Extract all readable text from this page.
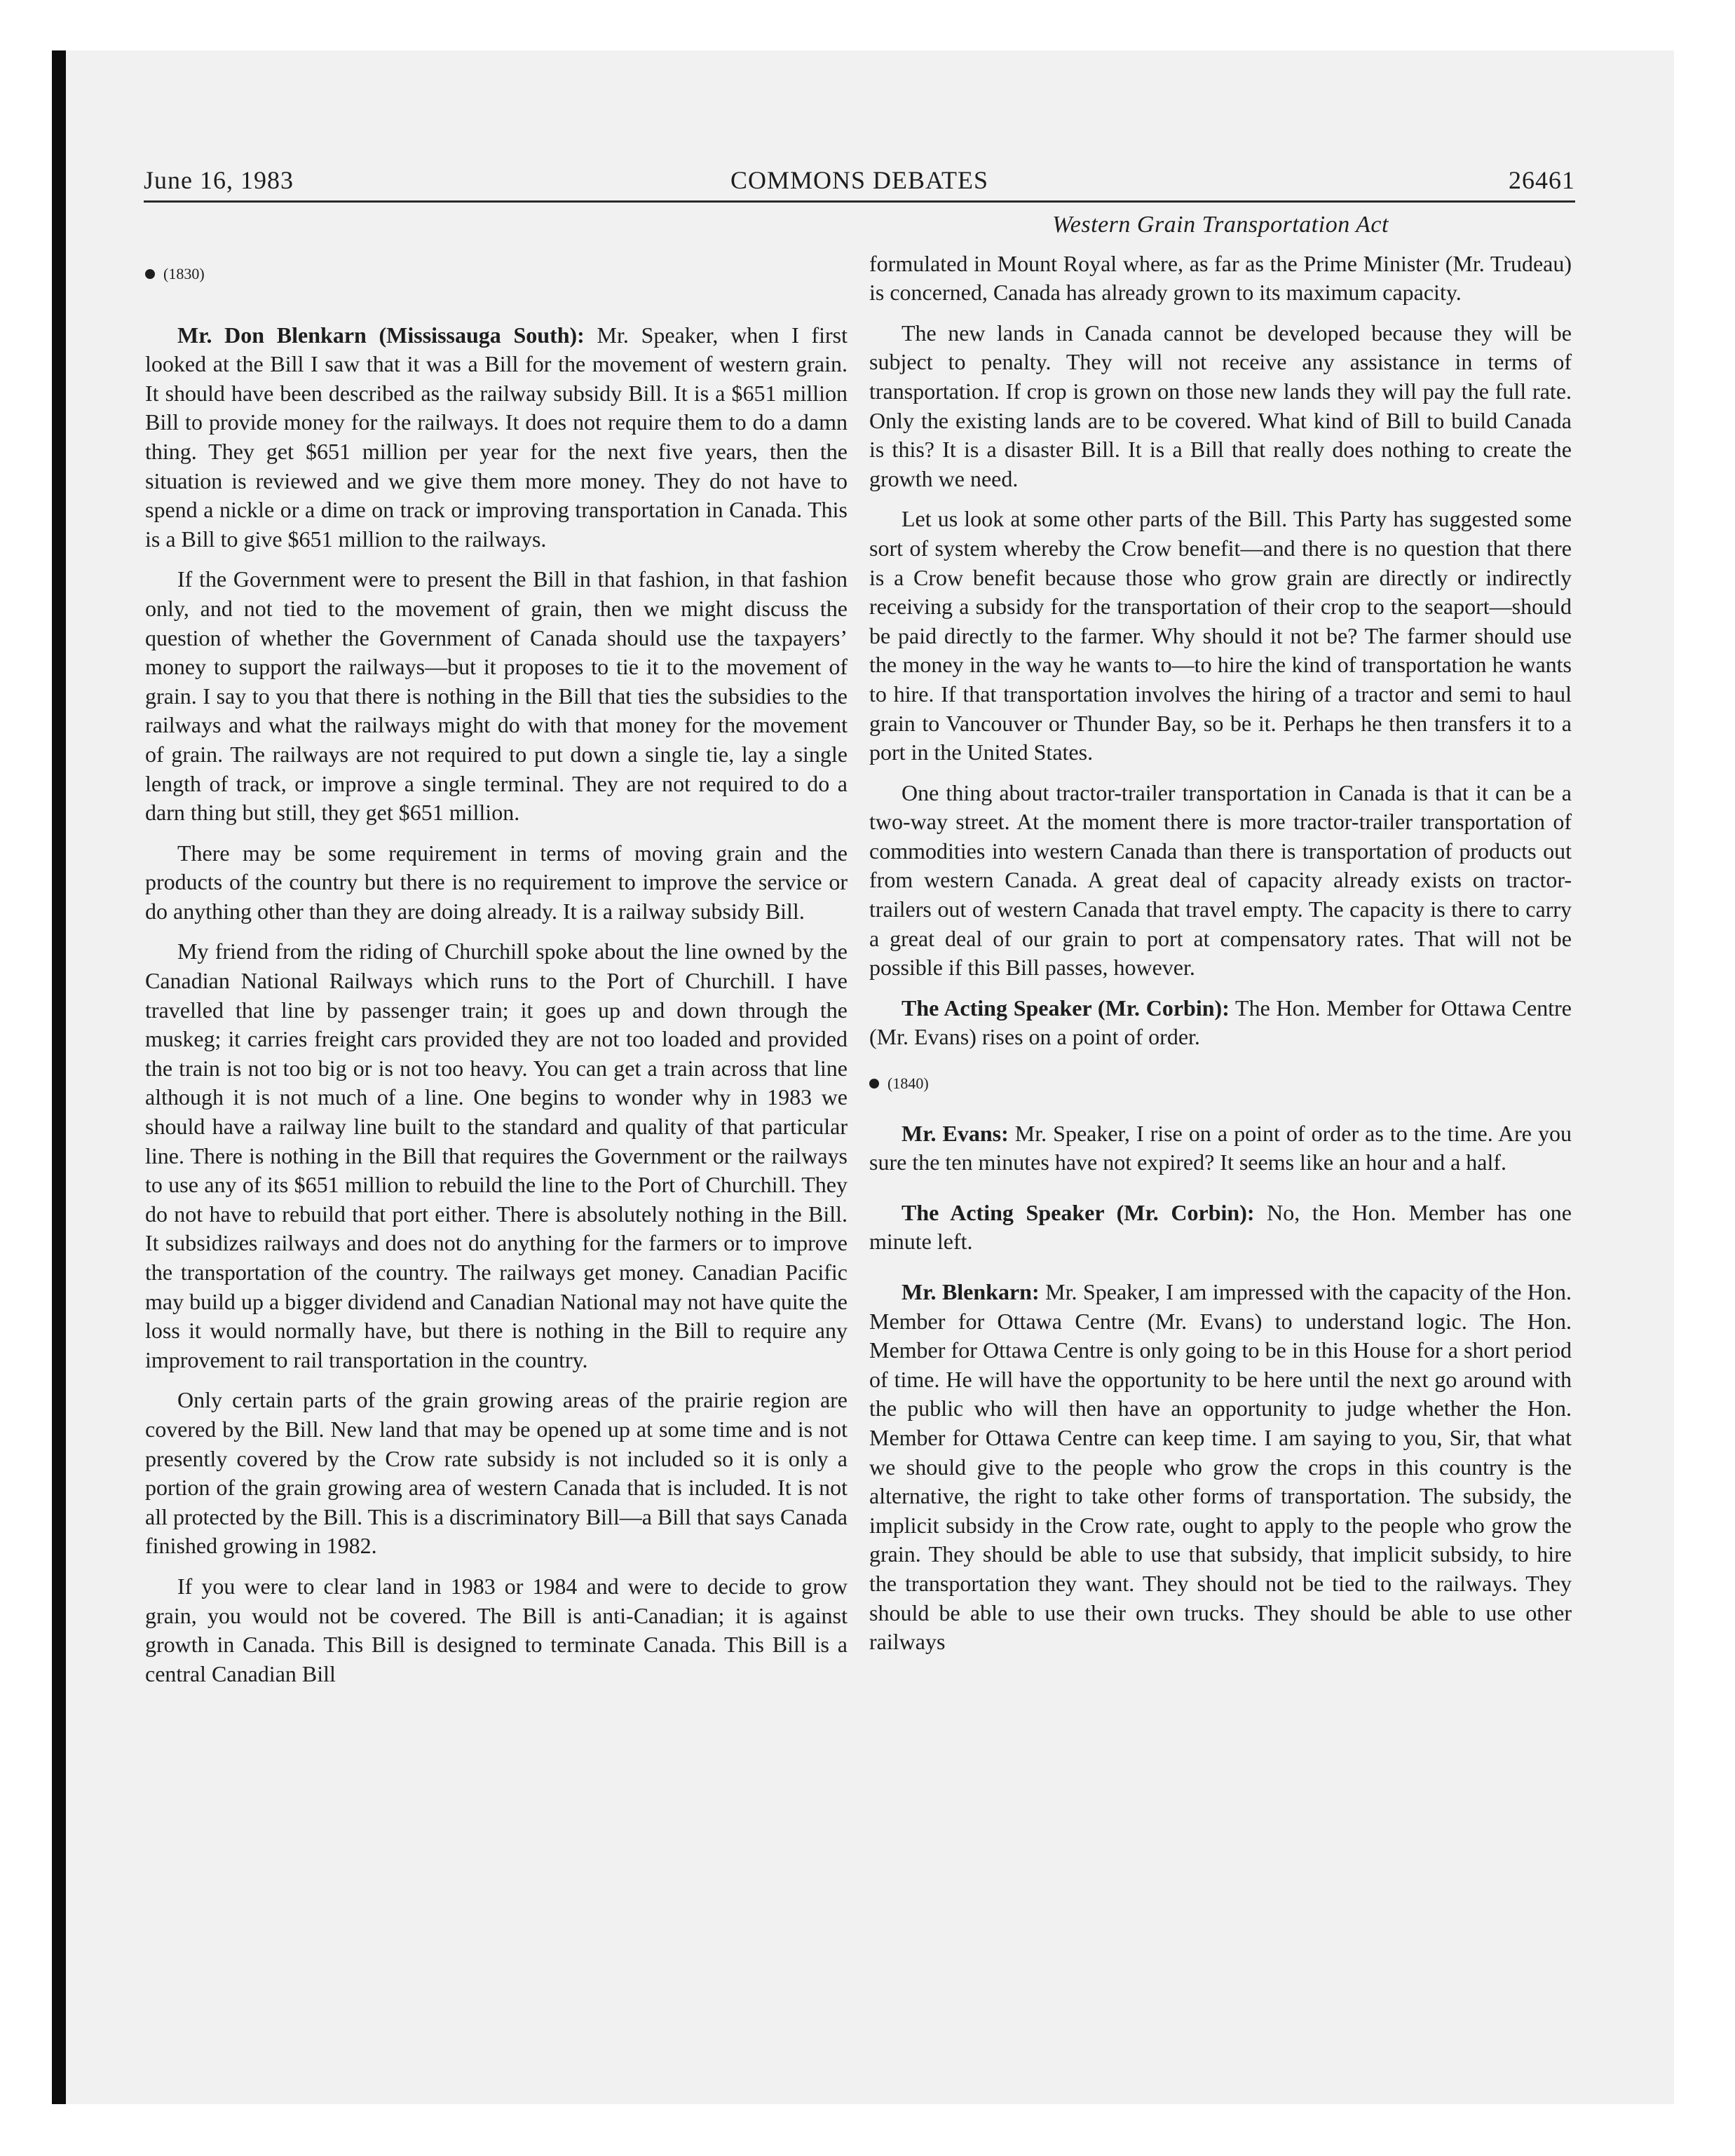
June 16, 1983	COMMONS DEBATES	26461
(1830)

Mr. Don Blenkarn (Mississauga South): Mr. Speaker, when I first looked at the Bill I saw that it was a Bill for the movement of western grain. It should have been described as the railway subsidy Bill. It is a $651 million Bill to provide money for the railways. It does not require them to do a damn thing. They get $651 million per year for the next five years, then the situation is reviewed and we give them more money. They do not have to spend a nickle or a dime on track or improving transportation in Canada. This is a Bill to give $651 million to the railways.

If the Government were to present the Bill in that fashion, in that fashion only, and not tied to the movement of grain, then we might discuss the question of whether the Government of Canada should use the taxpayers’ money to support the railways—but it proposes to tie it to the movement of grain. I say to you that there is nothing in the Bill that ties the subsidies to the railways and what the railways might do with that money for the movement of grain. The railways are not required to put down a single tie, lay a single length of track, or improve a single terminal. They are not required to do a darn thing but still, they get $651 million.

There may be some requirement in terms of moving grain and the products of the country but there is no requirement to improve the service or do anything other than they are doing already. It is a railway subsidy Bill.

My friend from the riding of Churchill spoke about the line owned by the Canadian National Railways which runs to the Port of Churchill. I have travelled that line by passenger train; it goes up and down through the muskeg; it carries freight cars provided they are not too loaded and provided the train is not too big or is not too heavy. You can get a train across that line although it is not much of a line. One begins to wonder why in 1983 we should have a railway line built to the standard and quality of that particular line. There is nothing in the Bill that requires the Government or the railways to use any of its $651 million to rebuild the line to the Port of Churchill. They do not have to rebuild that port either. There is absolutely nothing in the Bill. It subsidizes railways and does not do anything for the farmers or to improve the transportation of the country. The railways get money. Canadian Pacific may build up a bigger dividend and Canadian National may not have quite the loss it would normally have, but there is nothing in the Bill to require any improvement to rail transportation in the country.

Only certain parts of the grain growing areas of the prairie region are covered by the Bill. New land that may be opened up at some time and is not presently covered by the Crow rate subsidy is not included so it is only a portion of the grain growing area of western Canada that is included. It is not all protected by the Bill. This is a discriminatory Bill—a Bill that says Canada finished growing in 1982.

If you were to clear land in 1983 or 1984 and were to decide to grow grain, you would not be covered. The Bill is anti-Canadian; it is against growth in Canada. This Bill is designed to terminate Canada. This Bill is a central Canadian Bill

Western Grain Transportation Act

formulated in Mount Royal where, as far as the Prime Minister (Mr. Trudeau) is concerned, Canada has already grown to its maximum capacity.

The new lands in Canada cannot be developed because they will be subject to penalty. They will not receive any assistance in terms of transportation. If crop is grown on those new lands they will pay the full rate. Only the existing lands are to be covered. What kind of Bill to build Canada is this? It is a disaster Bill. It is a Bill that really does nothing to create the growth we need.

Let us look at some other parts of the Bill. This Party has suggested some sort of system whereby the Crow benefit—and there is no question that there is a Crow benefit because those who grow grain are directly or indirectly receiving a subsidy for the transportation of their crop to the seaport—should be paid directly to the farmer. Why should it not be? The farmer should use the money in the way he wants to—to hire the kind of transportation he wants to hire. If that transportation involves the hiring of a tractor and semi to haul grain to Vancouver or Thunder Bay, so be it. Perhaps he then transfers it to a port in the United States.

One thing about tractor-trailer transportation in Canada is that it can be a two-way street. At the moment there is more tractor-trailer transportation of commodities into western Canada than there is transportation of products out from western Canada. A great deal of capacity already exists on tractor-trailers out of western Canada that travel empty. The capacity is there to carry a great deal of our grain to port at compensatory rates. That will not be possible if this Bill passes, however.

The Acting Speaker (Mr. Corbin): The Hon. Member for Ottawa Centre (Mr. Evans) rises on a point of order.

(1840)

Mr. Evans: Mr. Speaker, I rise on a point of order as to the time. Are you sure the ten minutes have not expired? It seems like an hour and a half.

The Acting Speaker (Mr. Corbin): No, the Hon. Member has one minute left.

Mr. Blenkarn: Mr. Speaker, I am impressed with the capacity of the Hon. Member for Ottawa Centre (Mr. Evans) to understand logic. The Hon. Member for Ottawa Centre is only going to be in this House for a short period of time. He will have the opportunity to be here until the next go around with the public who will then have an opportunity to judge whether the Hon. Member for Ottawa Centre can keep time. I am saying to you, Sir, that what we should give to the people who grow the crops in this country is the alternative, the right to take other forms of transportation. The subsidy, the implicit subsidy in the Crow rate, ought to apply to the people who grow the grain. They should be able to use that subsidy, that implicit subsidy, to hire the transportation they want. They should not be tied to the railways. They should be able to use their own trucks. They should be able to use other railways
